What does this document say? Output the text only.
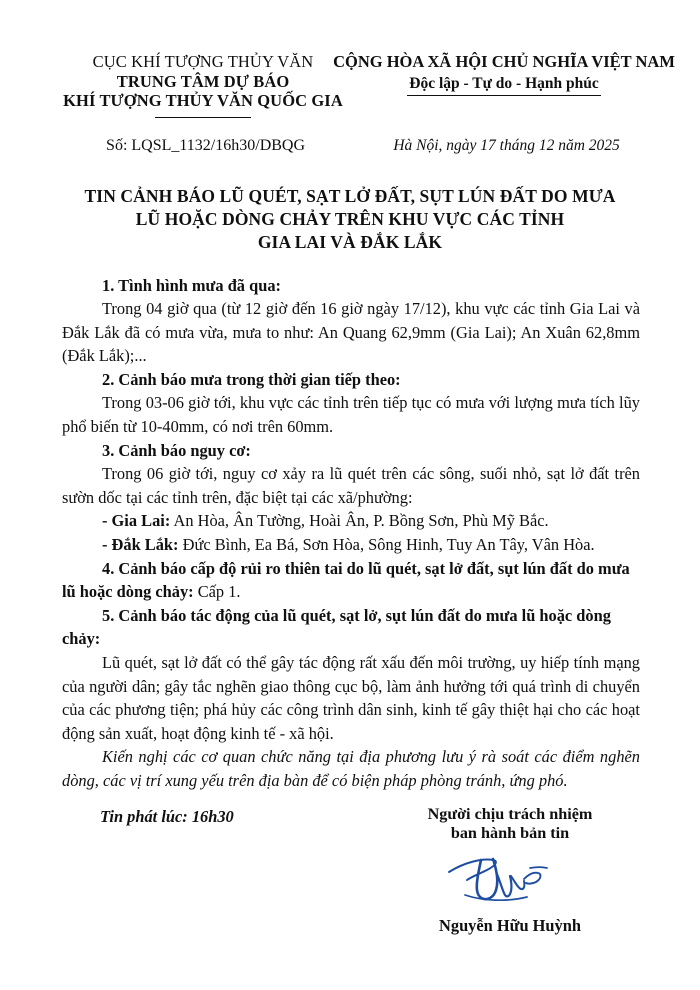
CỤC KHÍ TƯỢNG THỦY VĂN
TRUNG TÂM DỰ BÁO
KHÍ TƯỢNG THỦY VĂN QUỐC GIA
CỘNG HÒA XÃ HỘI CHỦ NGHĨA VIỆT NAM
Độc lập - Tự do - Hạnh phúc
Số: LQSL_1132/16h30/DBQG	Hà Nội, ngày 17 tháng 12 năm 2025
TIN CẢNH BÁO LŨ QUÉT, SẠT LỞ ĐẤT, SỤT LÚN ĐẤT DO MƯA
LŨ HOẶC DÒNG CHẢY TRÊN KHU VỰC CÁC TỈNH
GIA LAI VÀ ĐẮK LẮK

1. Tình hình mưa đã qua:

Trong 04 giờ qua (từ 12 giờ đến 16 giờ ngày 17/12), khu vực các tỉnh Gia Lai và Đắk Lắk đã có mưa vừa, mưa to như: An Quang 62,9mm (Gia Lai); An Xuân 62,8mm (Đắk Lắk);...

2. Cảnh báo mưa trong thời gian tiếp theo:

Trong 03-06 giờ tới, khu vực các tỉnh trên tiếp tục có mưa với lượng mưa tích lũy phổ biến từ 10-40mm, có nơi trên 60mm.

3. Cảnh báo nguy cơ:

Trong 06 giờ tới, nguy cơ xảy ra lũ quét trên các sông, suối nhỏ, sạt lở đất trên sườn dốc tại các tỉnh trên, đặc biệt tại các xã/phường:

- Gia Lai: An Hòa, Ân Tường, Hoài Ân, P. Bồng Sơn, Phù Mỹ Bắc.

- Đắk Lắk: Đức Bình, Ea Bá, Sơn Hòa, Sông Hinh, Tuy An Tây, Vân Hòa.

4. Cảnh báo cấp độ rủi ro thiên tai do lũ quét, sạt lở đất, sụt lún đất do mưa lũ hoặc dòng chảy: Cấp 1.

5. Cảnh báo tác động của lũ quét, sạt lở, sụt lún đất do mưa lũ hoặc dòng chảy:

Lũ quét, sạt lở đất có thể gây tác động rất xấu đến môi trường, uy hiếp tính mạng của người dân; gây tắc nghẽn giao thông cục bộ, làm ảnh hưởng tới quá trình di chuyển của các phương tiện; phá hủy các công trình dân sinh, kinh tế gây thiệt hại cho các hoạt động sản xuất, hoạt động kinh tế - xã hội.

Kiến nghị các cơ quan chức năng tại địa phương lưu ý rà soát các điểm nghẽn dòng, các vị trí xung yếu trên địa bàn để có biện pháp phòng tránh, ứng phó.

Tin phát lúc: 16h30	Người chịu trách nhiệm
ban hành bản tin
Nguyễn Hữu Huỳnh
